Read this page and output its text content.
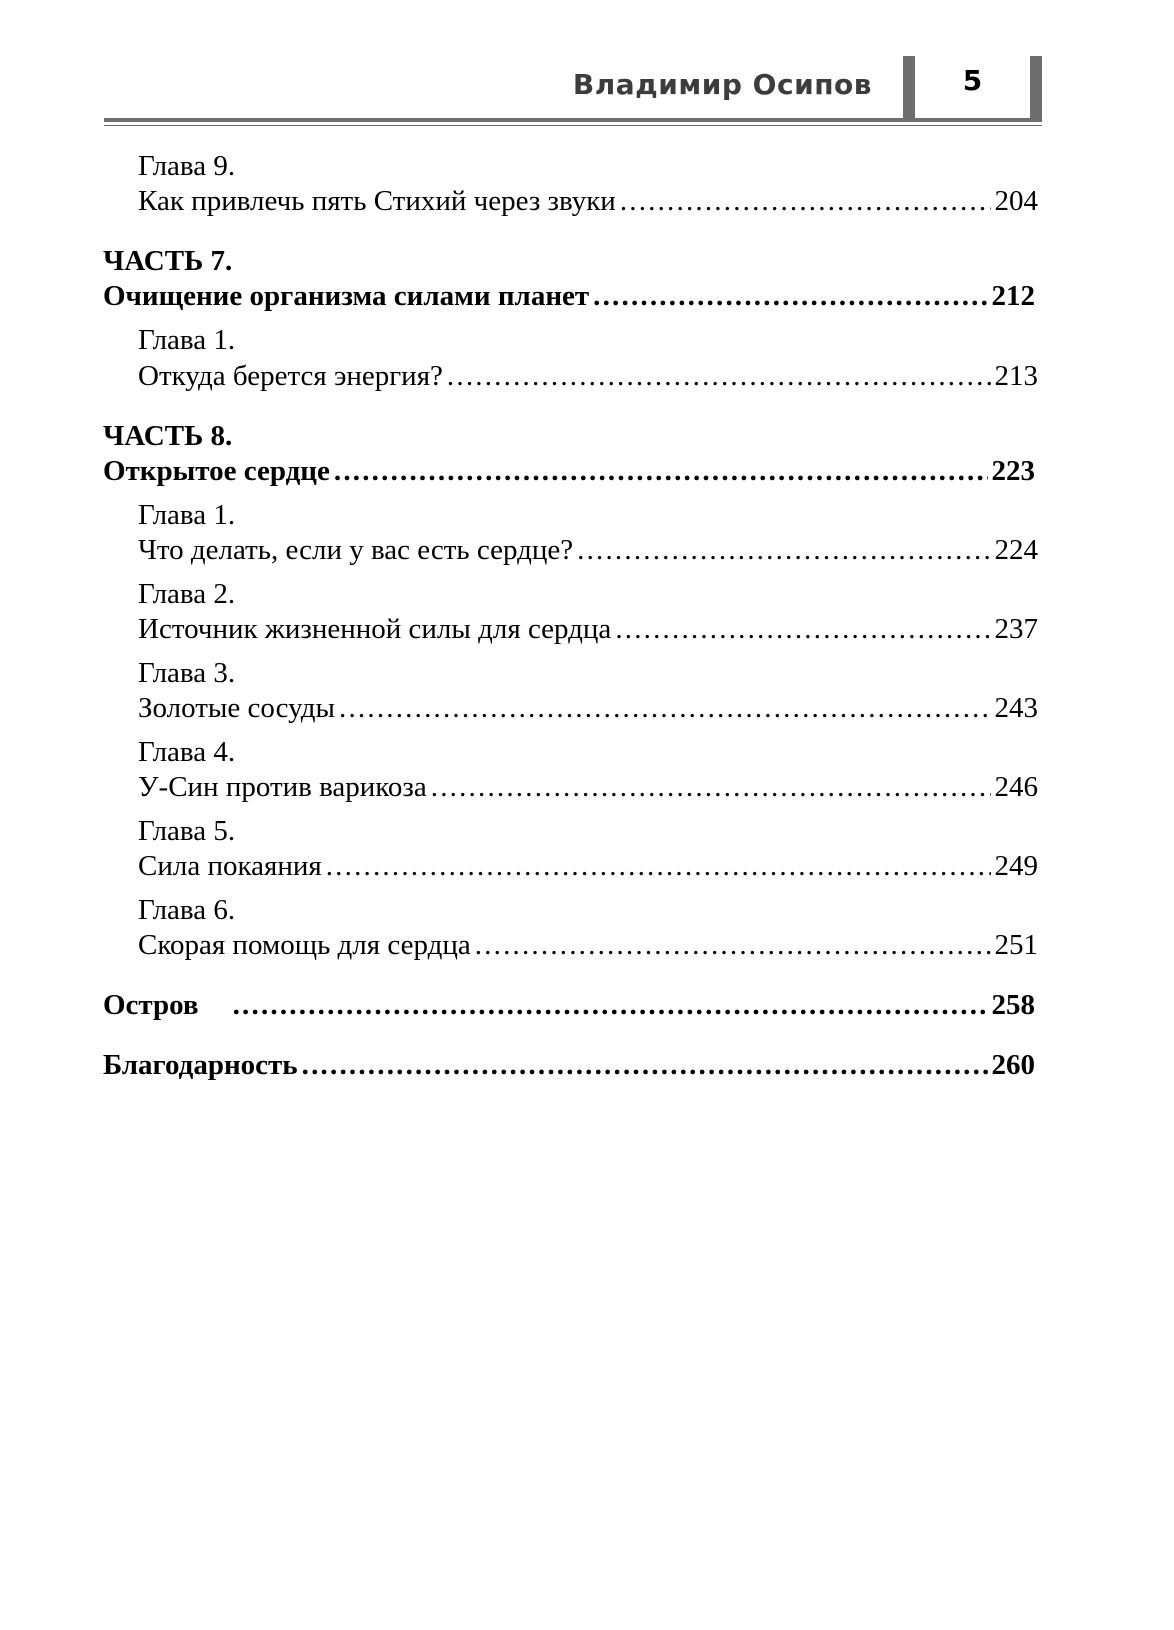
Владимир Осипов	5
Глава 9.
Как привлечь пять Стихий через звуки .....	204
ЧАСТЬ 7.
Очищение организма силами планет .....	212
Глава 1.
Откуда берется энергия? .....	213
ЧАСТЬ 8.
Открытое сердце .....	223
Глава 1.
Что делать, если у вас есть сердце? .....	224
Глава 2.
Источник жизненной силы для сердца .....	237
Глава 3.
Золотые сосуды .....	243
Глава 4.
У-Син против варикоза .....	246
Глава 5.
Сила покаяния .....	249
Глава 6.
Скорая помощь для сердца .....	251
Остров .....	258
Благодарность .....	260
